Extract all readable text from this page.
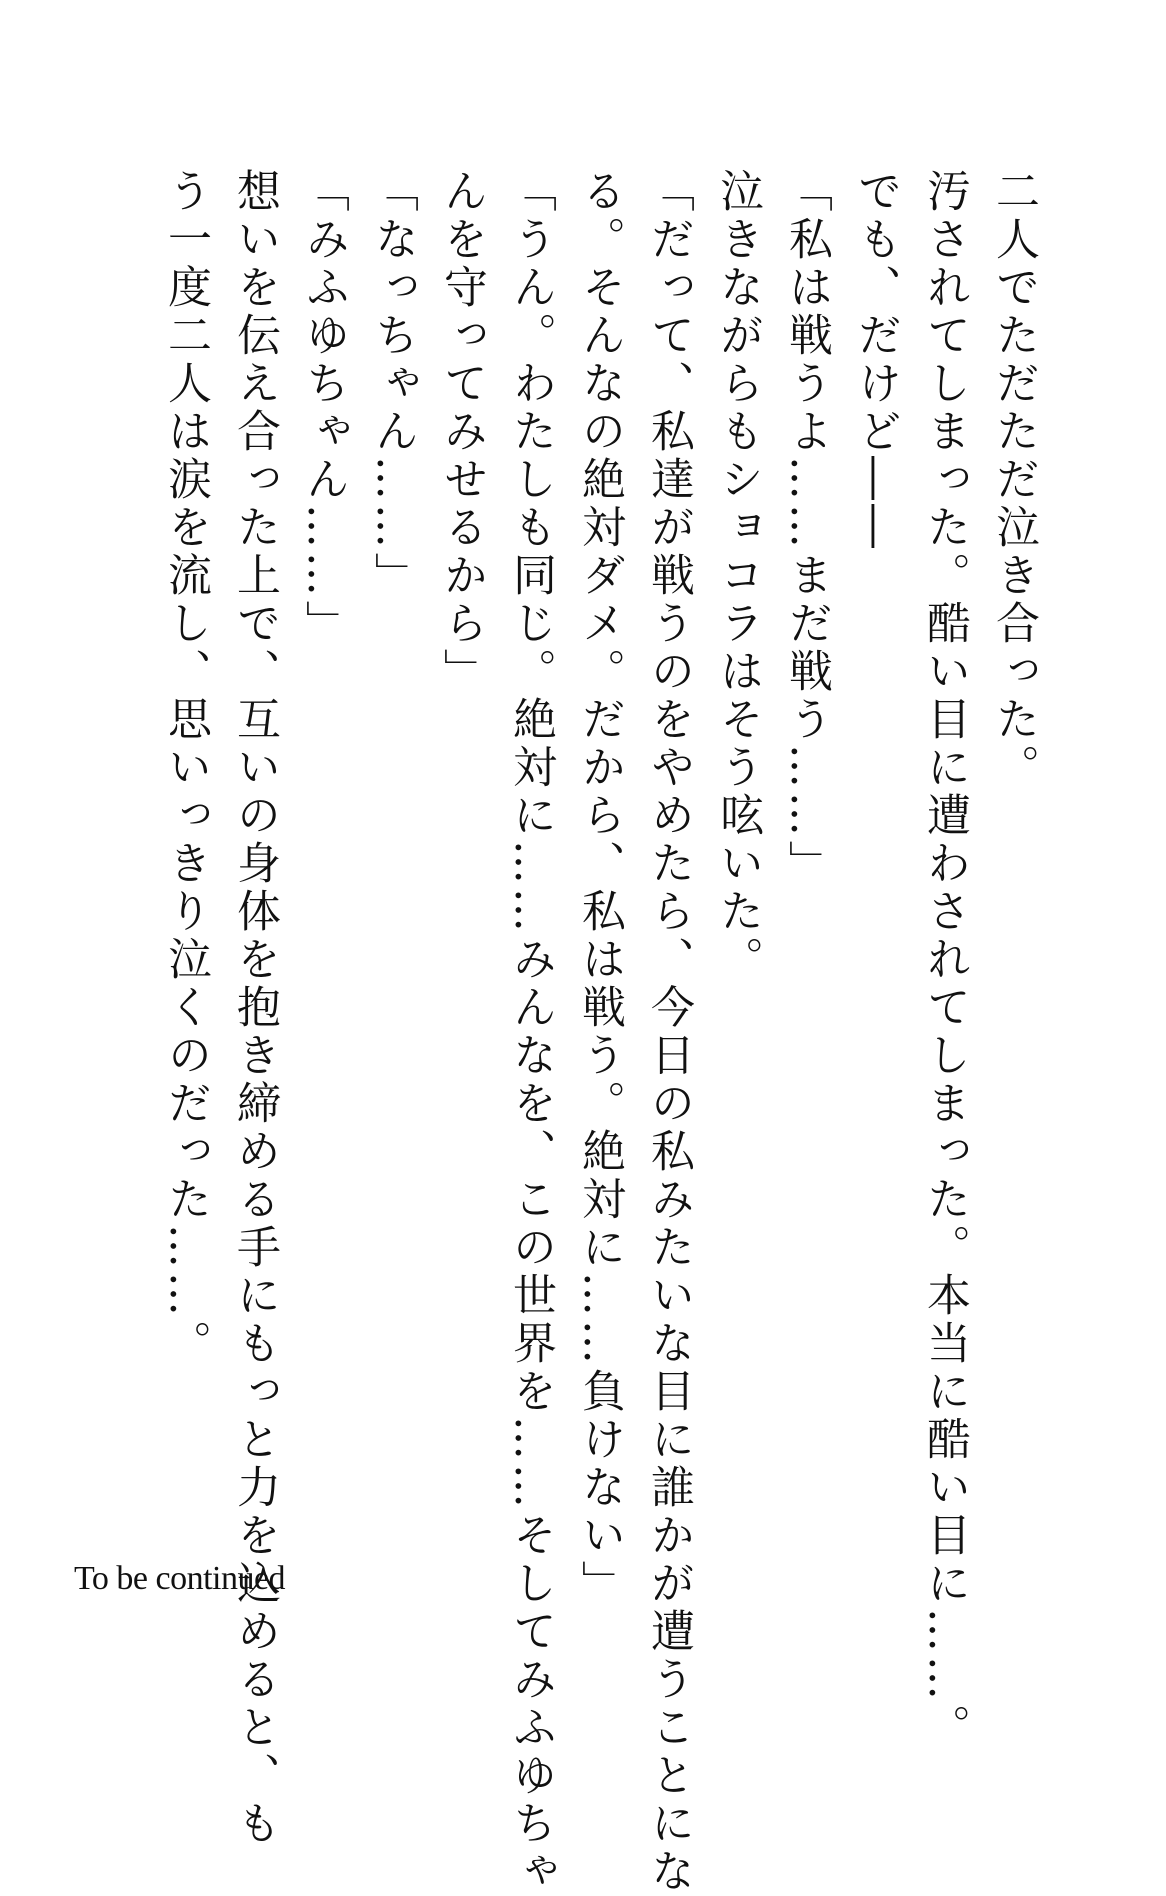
二人でただただ泣き合った。
汚されてしまった。酷い目に遭わされてしまった。本当に酷い目に……。
でも、だけど――
「私は戦うよ……まだ戦う……」
泣きながらもショコラはそう呟いた。
「だって、私達が戦うのをやめたら、今日の私みたいな目に誰かが遭うことにな
る。そんなの絶対ダメ。だから、私は戦う。絶対に……負けない」
「うん。わたしも同じ。絶対に……みんなを、この世界を……そしてみふゆちゃ
んを守ってみせるから」
「なっちゃん……」
「みふゆちゃん……」
想いを伝え合った上で、互いの身体を抱き締める手にもっと力を込めると、も
う一度二人は涙を流し、思いっきり泣くのだった……。
To be continued
